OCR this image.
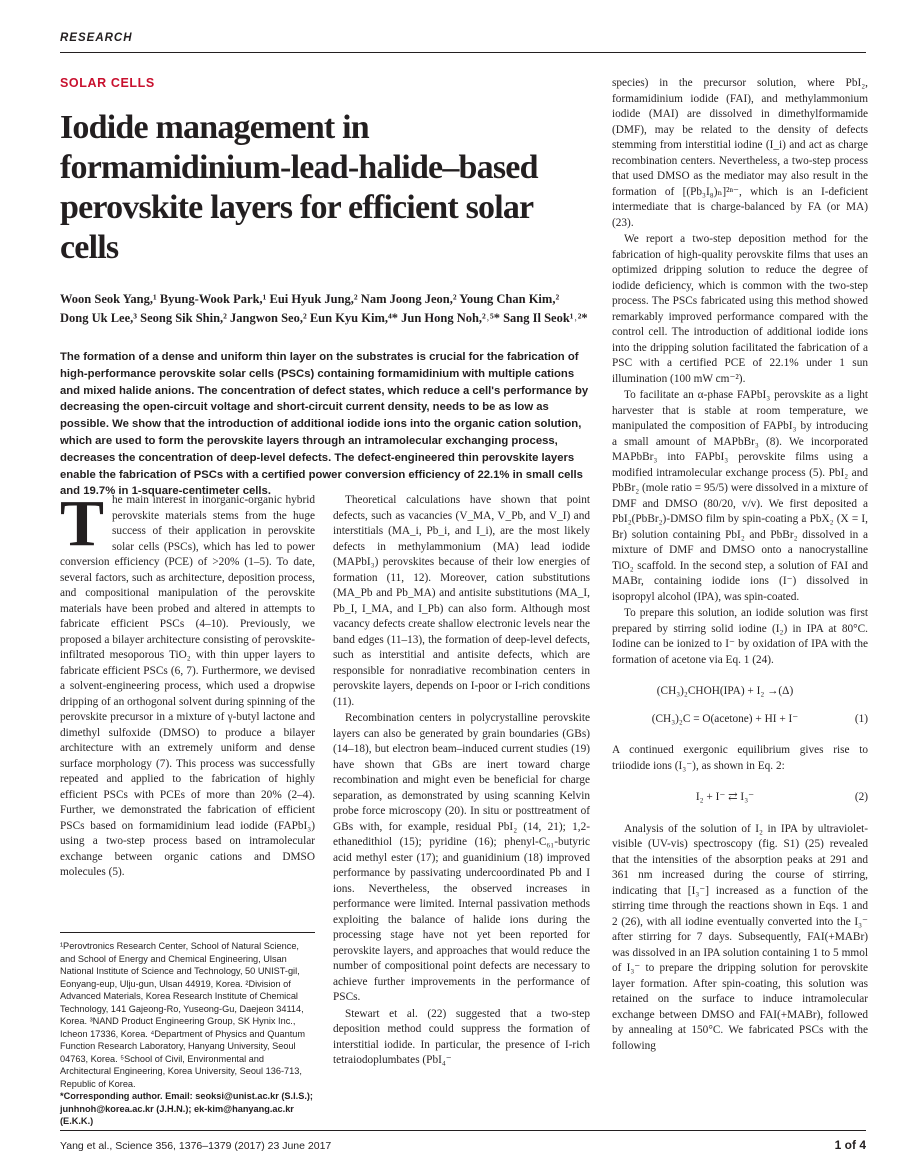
RESEARCH
SOLAR CELLS
Iodide management in formamidinium-lead-halide–based perovskite layers for efficient solar cells
Woon Seok Yang,¹ Byung-Wook Park,¹ Eui Hyuk Jung,² Nam Joong Jeon,² Young Chan Kim,² Dong Uk Lee,³ Seong Sik Shin,² Jangwon Seo,² Eun Kyu Kim,⁴* Jun Hong Noh,²˒⁵* Sang Il Seok¹˒²*
The formation of a dense and uniform thin layer on the substrates is crucial for the fabrication of high-performance perovskite solar cells (PSCs) containing formamidinium with multiple cations and mixed halide anions. The concentration of defect states, which reduce a cell's performance by decreasing the open-circuit voltage and short-circuit current density, needs to be as low as possible. We show that the introduction of additional iodide ions into the organic cation solution, which are used to form the perovskite layers through an intramolecular exchanging process, decreases the concentration of deep-level defects. The defect-engineered thin perovskite layers enable the fabrication of PSCs with a certified power conversion efficiency of 22.1% in small cells and 19.7% in 1-square-centimeter cells.

The main interest in inorganic-organic hybrid perovskite materials stems from the huge success of their application in perovskite solar cells (PSCs), which has led to power conversion efficiency (PCE) of >20% (1–5). To date, several factors, such as architecture, deposition process, and compositional manipulation of the perovskite materials have been probed and altered in attempts to fabricate efficient PSCs (4–10). Previously, we proposed a bilayer architecture consisting of perovskite-infiltrated mesoporous TiO₂ with thin upper layers to fabricate efficient PSCs (6, 7). Furthermore, we devised a solvent-engineering process, which used a dropwise dripping of an orthogonal solvent during spinning of the perovskite precursor in a mixture of γ-butyl lactone and dimethyl sulfoxide (DMSO) to produce a bilayer architecture with an extremely uniform and dense surface morphology (7). This process was successfully repeated and applied to the fabrication of highly efficient PSCs with PCEs of more than 20% (2–4). Further, we demonstrated the fabrication of efficient PSCs based on formamidinium lead iodide (FAPbI₃) using a two-step process based on intramolecular exchange between organic cations and DMSO molecules (5).

¹Perovtronics Research Center, School of Natural Science, and School of Energy and Chemical Engineering, Ulsan National Institute of Science and Technology, 50 UNIST-gil, Eonyang-eup, Ulju-gun, Ulsan 44919, Korea. ²Division of Advanced Materials, Korea Research Institute of Chemical Technology, 141 Gajeong-Ro, Yuseong-Gu, Daejeon 34114, Korea. ³NAND Product Engineering Group, SK Hynix Inc., Icheon 17336, Korea. ⁴Department of Physics and Quantum Function Research Laboratory, Hanyang University, Seoul 04763, Korea. ⁵School of Civil, Environmental and Architectural Engineering, Korea University, Seoul 136-713, Republic of Korea.
*Corresponding author. Email: seoksi@unist.ac.kr (S.I.S.); junhnoh@korea.ac.kr (J.H.N.); ek-kim@hanyang.ac.kr (E.K.K.)

Theoretical calculations have shown that point defects, such as vacancies (V_MA, V_Pb, and V_I) and interstitials (MA_i, Pb_i, and I_i), are the most likely defects in methylammonium (MA) lead iodide (MAPbI₃) perovskites because of their low energies of formation (11, 12). Moreover, cation substitutions (MA_Pb and Pb_MA) and antisite substitutions (MA_I, Pb_I, I_MA, and I_Pb) can also form. Although most vacancy defects create shallow electronic levels near the band edges (11–13), the formation of deep-level defects, such as interstitial and antisite defects, which are responsible for nonradiative recombination centers in perovskite layers, depends on I-poor or I-rich conditions (11).

Recombination centers in polycrystalline perovskite layers can also be generated by grain boundaries (GBs) (14–18), but electron beam–induced current studies (19) have shown that GBs are inert toward charge recombination and might even be beneficial for charge separation, as demonstrated by using scanning Kelvin probe force microscopy (20). In situ or posttreatment of GBs with, for example, residual PbI₂ (14, 21); 1,2-ethanedithiol (15); pyridine (16); phenyl-C₆₁-butyric acid methyl ester (17); and guanidinium (18) improved performance by passivating undercoordinated Pb and I ions. Nevertheless, the observed increases in performance were limited. Internal passivation methods exploiting the balance of halide ions during the processing stage have not yet been reported for perovskite layers, and approaches that would reduce the number of compositional point defects are necessary to achieve further improvements in the performance of PSCs.

Stewart et al. (22) suggested that a two-step deposition method could suppress the formation of interstitial iodide. In particular, the presence of I-rich tetraiodoplumbates (PbI₄⁻

species) in the precursor solution, where PbI₂, formamidinium iodide (FAI), and methylammonium iodide (MAI) are dissolved in dimethylformamide (DMF), may be related to the density of defects stemming from interstitial iodine (I_i) and act as charge recombination centers. Nevertheless, a two-step process that used DMSO as the mediator may also result in the formation of [(Pb₃I₈)ₙ]²ⁿ⁻, which is an I-deficient intermediate that is charge-balanced by FA (or MA) (23).

We report a two-step deposition method for the fabrication of high-quality perovskite films that uses an optimized dripping solution to reduce the degree of iodide deficiency, which is common with the two-step process. The PSCs fabricated using this method showed remarkably improved performance compared with the control cell. The introduction of additional iodide ions into the dripping solution facilitated the fabrication of a PSC with a certified PCE of 22.1% under 1 sun illumination (100 mW cm⁻²).

To facilitate an α-phase FAPbI₃ perovskite as a light harvester that is stable at room temperature, we manipulated the composition of FAPbI₃ by introducing a small amount of MAPbBr₃ (8). We incorporated MAPbBr₃ into FAPbI₃ perovskite films using a modified intramolecular exchange process (5). PbI₂ and PbBr₂ (mole ratio = 95/5) were dissolved in a mixture of DMF and DMSO (80/20, v/v). We first deposited a PbI₂(PbBr₂)-DMSO film by spin-coating a PbX₂ (X = I, Br) solution containing PbI₂ and PbBr₂ dissolved in a mixture of DMF and DMSO onto a nanocrystalline TiO₂ scaffold. In the second step, a solution of FAI and MABr, containing iodide ions (I⁻) dissolved in isopropyl alcohol (IPA), was spin-coated.

To prepare this solution, an iodide solution was first prepared by stirring solid iodine (I₂) in IPA at 80°C. Iodine can be ionized to I⁻ by oxidation of IPA with the formation of acetone via Eq. 1 (24).

(CH₃)₂CHOH(IPA) + I₂ →(Δ)
(CH₃)₂C = O(acetone) + HI + I⁻	(1)

A continued exergonic equilibrium gives rise to triiodide ions (I₃⁻), as shown in Eq. 2:

I₂ + I⁻ ⇄ I₃⁻	(2)

Analysis of the solution of I₂ in IPA by ultraviolet-visible (UV-vis) spectroscopy (fig. S1) (25) revealed that the intensities of the absorption peaks at 291 and 361 nm increased during the course of stirring, indicating that [I₃⁻] increased as a function of the stirring time through the reactions shown in Eqs. 1 and 2 (26), with all iodine eventually converted into the I₃⁻ after stirring for 7 days. Subsequently, FAI(+MABr) was dissolved in an IPA solution containing 1 to 5 mmol of I₃⁻ to prepare the dripping solution for perovskite layer formation. After spin-coating, this solution was retained on the surface to induce intramolecular exchange between DMSO and FAI(+MABr), followed by annealing at 150°C. We fabricated PSCs with the following

Yang et al., Science 356, 1376–1379 (2017) 23 June 2017	1 of 4
